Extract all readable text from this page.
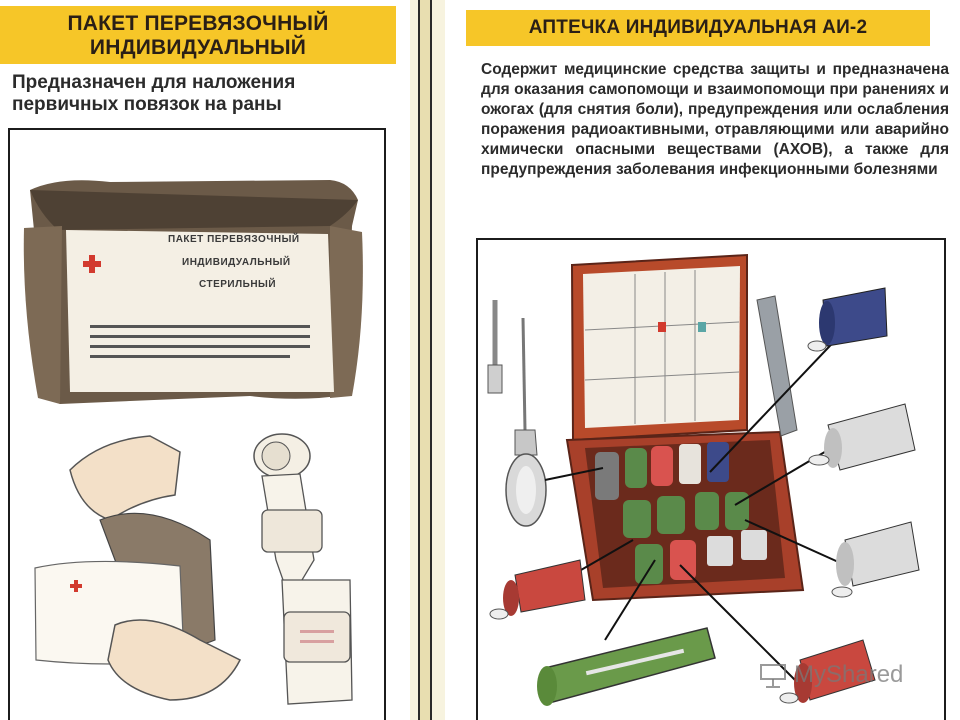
ПАКЕТ ПЕРЕВЯЗОЧНЫЙ
ИНДИВИДУАЛЬНЫЙ
Предназначен для наложения
первичных повязок на раны
ПАКЕТ ПЕРЕВЯЗОЧНЫЙ
ИНДИВИДУАЛЬНЫЙ
СТЕРИЛЬНЫЙ
АПТЕЧКА ИНДИВИДУАЛЬНАЯ АИ-2
Содержит медицинские средства защиты и предназначена для оказания самопомощи и взаимопомощи при ранениях и ожогах (для снятия боли), предупреждения или ослабления поражения радиоактивными, отравляющими или аварийно химически опасными веществами (АХОВ), а также для предупреждения заболевания инфекционными болезнями
MyShared
